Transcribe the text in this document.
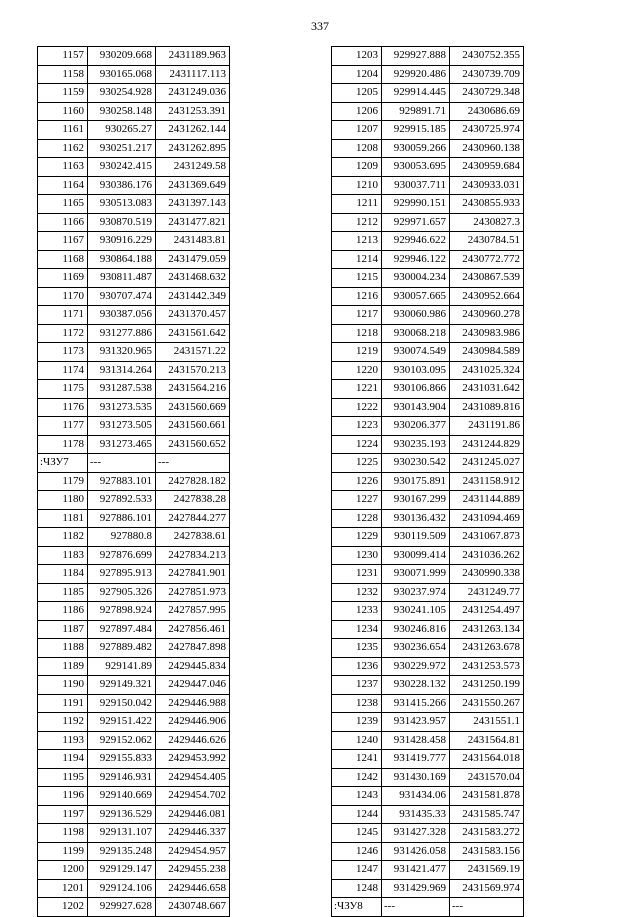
337
1157	930209.668	2431189.963
1158	930165.068	2431117.113
1159	930254.928	2431249.036
1160	930258.148	2431253.391
1161	930265.27	2431262.144
1162	930251.217	2431262.895
1163	930242.415	2431249.58
1164	930386.176	2431369.649
1165	930513.083	2431397.143
1166	930870.519	2431477.821
1167	930916.229	2431483.81
1168	930864.188	2431479.059
1169	930811.487	2431468.632
1170	930707.474	2431442.349
1171	930387.056	2431370.457
1172	931277.886	2431561.642
1173	931320.965	2431571.22
1174	931314.264	2431570.213
1175	931287.538	2431564.216
1176	931273.535	2431560.669
1177	931273.505	2431560.661
1178	931273.465	2431560.652
:ЧЗУ7	---	---
1179	927883.101	2427828.182
1180	927892.533	2427838.28
1181	927886.101	2427844.277
1182	927880.8	2427838.61
1183	927876.699	2427834.213
1184	927895.913	2427841.901
1185	927905.326	2427851.973
1186	927898.924	2427857.995
1187	927897.484	2427856.461
1188	927889.482	2427847.898
1189	929141.89	2429445.834
1190	929149.321	2429447.046
1191	929150.042	2429446.988
1192	929151.422	2429446.906
1193	929152.062	2429446.626
1194	929155.833	2429453.992
1195	929146.931	2429454.405
1196	929140.669	2429454.702
1197	929136.529	2429446.081
1198	929131.107	2429446.337
1199	929135.248	2429454.957
1200	929129.147	2429455.238
1201	929124.106	2429446.658
1202	929927.628	2430748.667
1203	929927.888	2430752.355
1204	929920.486	2430739.709
1205	929914.445	2430729.348
1206	929891.71	2430686.69
1207	929915.185	2430725.974
1208	930059.266	2430960.138
1209	930053.695	2430959.684
1210	930037.711	2430933.031
1211	929990.151	2430855.933
1212	929971.657	2430827.3
1213	929946.622	2430784.51
1214	929946.122	2430772.772
1215	930004.234	2430867.539
1216	930057.665	2430952.664
1217	930060.986	2430960.278
1218	930068.218	2430983.986
1219	930074.549	2430984.589
1220	930103.095	2431025.324
1221	930106.866	2431031.642
1222	930143.904	2431089.816
1223	930206.377	2431191.86
1224	930235.193	2431244.829
1225	930230.542	2431245.027
1226	930175.891	2431158.912
1227	930167.299	2431144.889
1228	930136.432	2431094.469
1229	930119.509	2431067.873
1230	930099.414	2431036.262
1231	930071.999	2430990.338
1232	930237.974	2431249.77
1233	930241.105	2431254.497
1234	930246.816	2431263.134
1235	930236.654	2431263.678
1236	930229.972	2431253.573
1237	930228.132	2431250.199
1238	931415.266	2431550.267
1239	931423.957	2431551.1
1240	931428.458	2431564.81
1241	931419.777	2431564.018
1242	931430.169	2431570.04
1243	931434.06	2431581.878
1244	931435.33	2431585.747
1245	931427.328	2431583.272
1246	931426.058	2431583.156
1247	931421.477	2431569.19
1248	931429.969	2431569.974
:ЧЗУ8	---	---
